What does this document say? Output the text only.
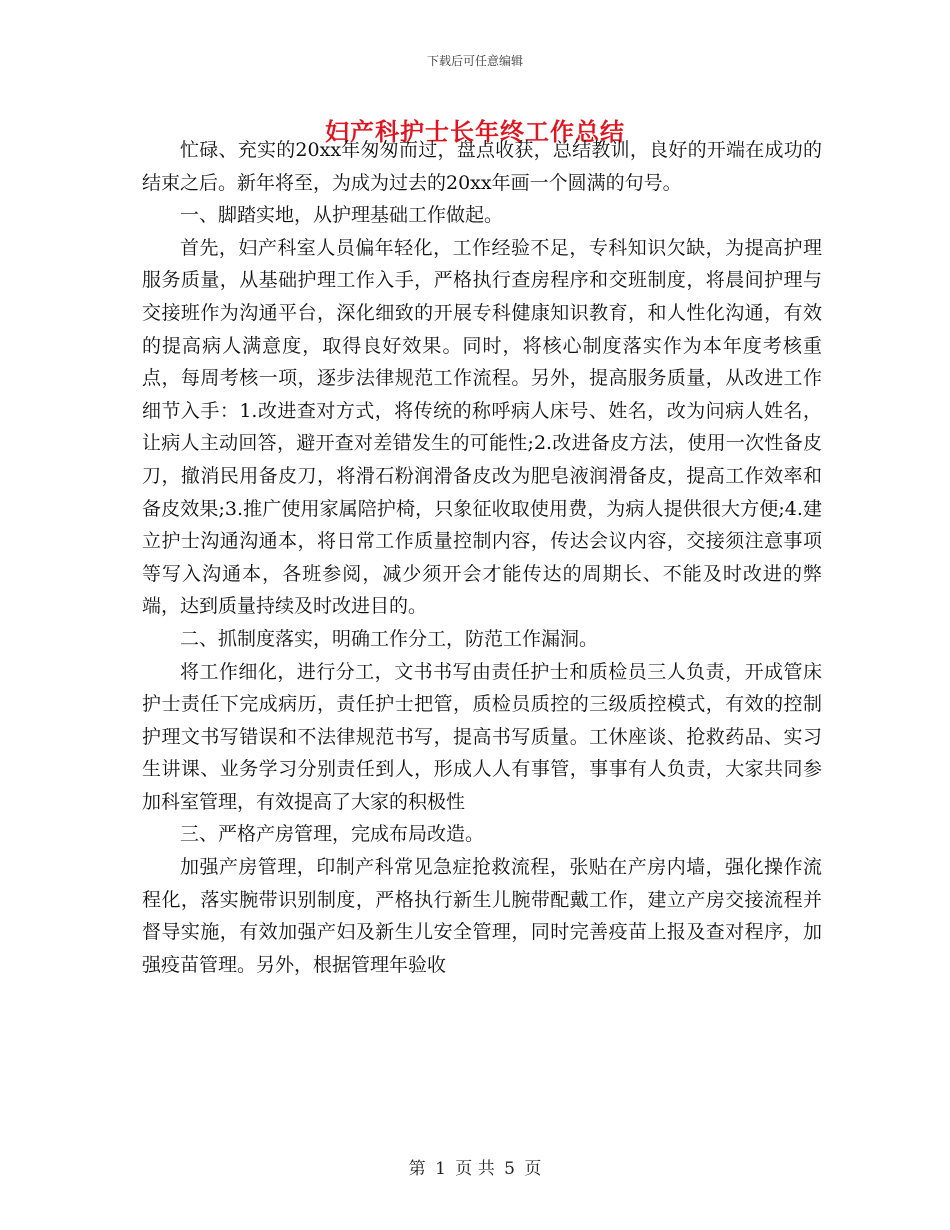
下载后可任意编辑
妇产科护士长年终工作总结

忙碌、充实的20xx年匆匆而过，盘点收获，总结教训，良好的开端在成功的结束之后。新年将至，为成为过去的20xx年画一个圆满的句号。

一、脚踏实地，从护理基础工作做起。

首先，妇产科室人员偏年轻化，工作经验不足，专科知识欠缺，为提高护理服务质量，从基础护理工作入手，严格执行查房程序和交班制度，将晨间护理与交接班作为沟通平台，深化细致的开展专科健康知识教育，和人性化沟通，有效的提高病人满意度，取得良好效果。同时，将核心制度落实作为本年度考核重点，每周考核一项，逐步法律规范工作流程。另外，提高服务质量，从改进工作细节入手：1.改进查对方式，将传统的称呼病人床号、姓名，改为问病人姓名，让病人主动回答，避开查对差错发生的可能性;2.改进备皮方法，使用一次性备皮刀，撤消民用备皮刀，将滑石粉润滑备皮改为肥皂液润滑备皮，提高工作效率和备皮效果;3.推广使用家属陪护椅，只象征收取使用费，为病人提供很大方便;4.建立护士沟通沟通本，将日常工作质量控制内容，传达会议内容，交接须注意事项等写入沟通本，各班参阅，减少须开会才能传达的周期长、不能及时改进的弊端，达到质量持续及时改进目的。

二、抓制度落实，明确工作分工，防范工作漏洞。

将工作细化，进行分工，文书书写由责任护士和质检员三人负责，开成管床护士责任下完成病历，责任护士把管，质检员质控的三级质控模式，有效的控制护理文书写错误和不法律规范书写，提高书写质量。工休座谈、抢救药品、实习生讲课、业务学习分别责任到人，形成人人有事管，事事有人负责，大家共同参加科室管理，有效提高了大家的积极性

三、严格产房管理，完成布局改造。

加强产房管理，印制产科常见急症抢救流程，张贴在产房内墙，强化操作流程化，落实腕带识别制度，严格执行新生儿腕带配戴工作，建立产房交接流程并督导实施，有效加强产妇及新生儿安全管理，同时完善疫苗上报及查对程序，加强疫苗管理。另外，根据管理年验收

第 1 页 共 5 页
